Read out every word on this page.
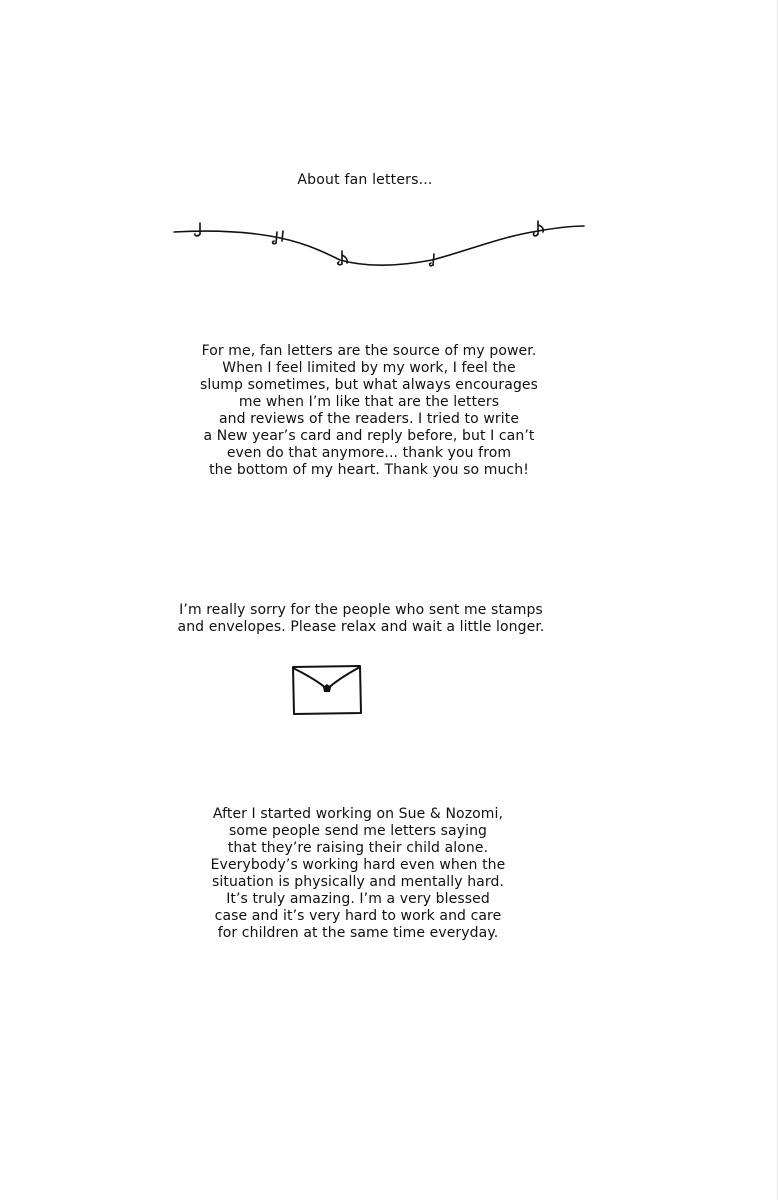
About fan letters...
For me, fan letters are the source of my power.
When I feel limited by my work, I feel the
slump sometimes, but what always encourages
me when I’m like that are the letters
and reviews of the readers. I tried to write
a New year’s card and reply before, but I can’t
even do that anymore... thank you from
the bottom of my heart. Thank you so much!
I’m really sorry for the people who sent me stamps
and envelopes. Please relax and wait a little longer.
After I started working on Sue & Nozomi,
some people send me letters saying
that they’re raising their child alone.
Everybody’s working hard even when the
situation is physically and mentally hard.
It’s truly amazing. I’m a very blessed
case and it’s very hard to work and care
for children at the same time everyday.
